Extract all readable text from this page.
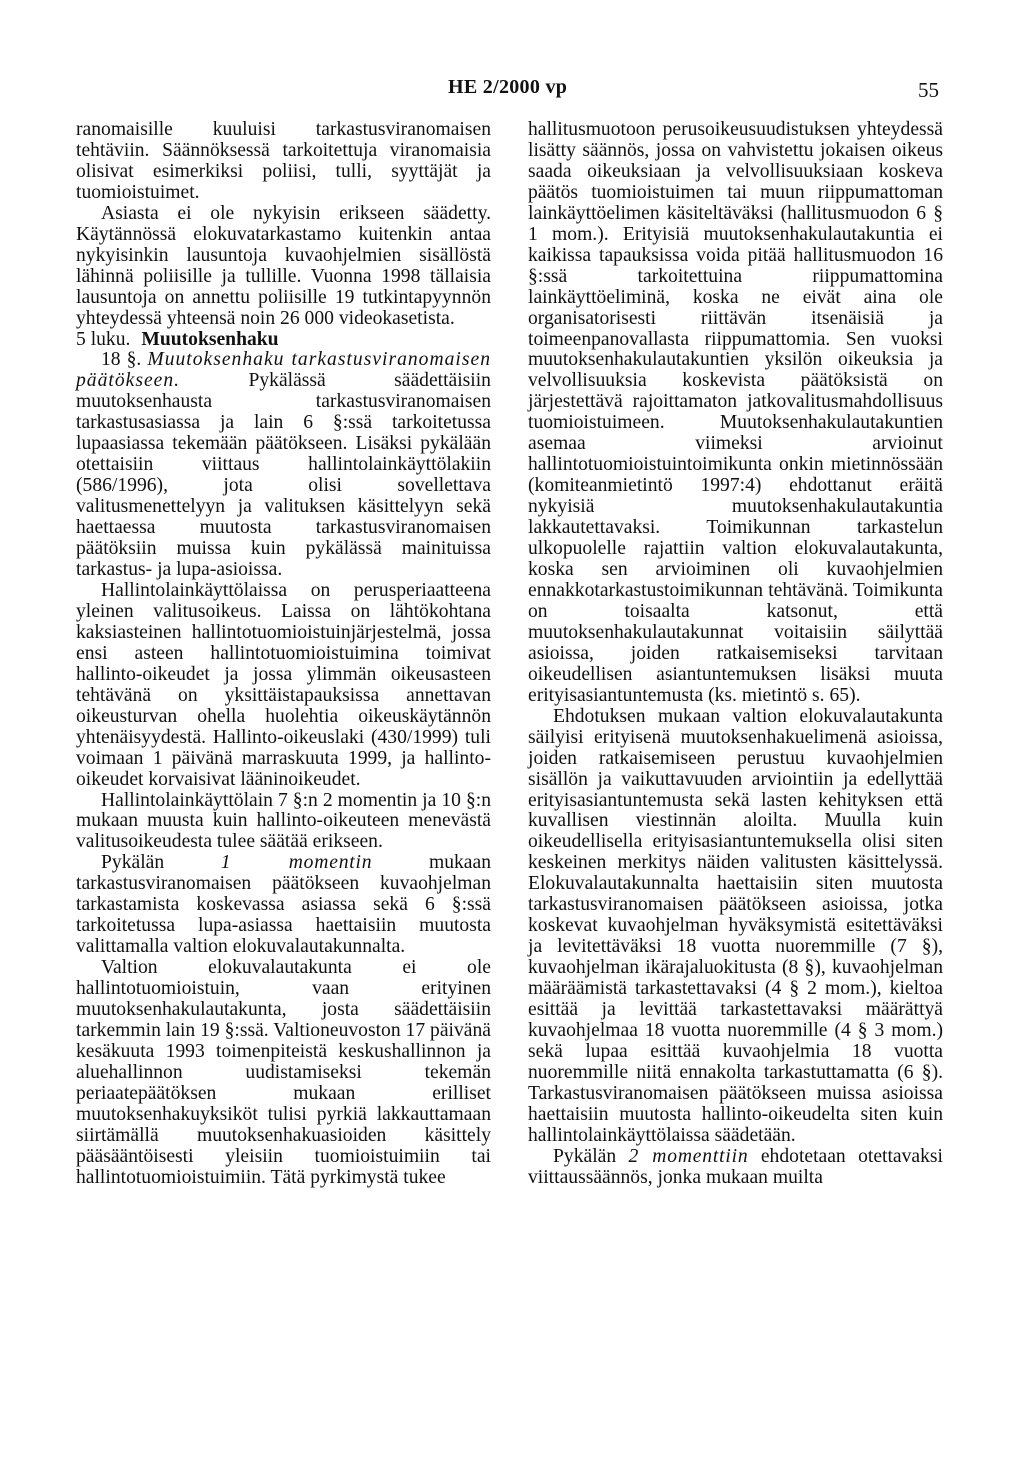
HE 2/2000 vp	55

ranomaisille kuuluisi tarkastusviranomaisen tehtäviin. Säännöksessä tarkoitettuja viranomaisia olisivat esimerkiksi poliisi, tulli, syyttäjät ja tuomioistuimet.

Asiasta ei ole nykyisin erikseen säädetty. Käytännössä elokuvatarkastamo kuitenkin antaa nykyisinkin lausuntoja kuvaohjelmien sisällöstä lähinnä poliisille ja tullille. Vuonna 1998 tällaisia lausuntoja on annettu poliisille 19 tutkintapyynnön yhteydessä yhteensä noin 26 000 videokasetista.

5 luku. Muutoksenhaku

18 §. Muutoksenhaku tarkastusviranomaisen päätökseen.	Pykälässä säädettäisiin muutoksenhausta tarkastusviranomaisen tarkastusasiassa ja lain 6 §:ssä tarkoitetussa lupaasiassa tekemään päätökseen. Lisäksi pykälään otettaisiin viittaus hallintolainkäyttölakiin (586/1996), jota olisi sovellettava valitusmenettelyyn ja valituksen käsittelyyn sekä haettaessa muutosta tarkastusviranomaisen päätöksiin muissa kuin pykälässä mainituissa tarkastus- ja lupa-asioissa.

Hallintolainkäyttölaissa on perusperiaatteena yleinen valitusoikeus. Laissa on lähtökohtana kaksiasteinen hallintotuomioistuinjärjestelmä, jossa ensi asteen hallintotuomioistuimina toimivat hallinto-oikeudet ja jossa ylimmän oikeusasteen tehtävänä on yksittäistapauksissa annettavan oikeusturvan ohella huolehtia oikeuskäytännön yhtenäisyydestä. Hallinto-oikeuslaki (430/1999) tuli voimaan 1 päivänä marraskuuta 1999, ja hallinto-oikeudet korvaisivat lääninoikeudet.

Hallintolainkäyttölain 7 §:n 2 momentin ja 10 §:n mukaan muusta kuin hallinto-oikeuteen menevästä valitusoikeudesta tulee säätää erikseen.

Pykälän	1 momentin	mukaan tarkastusviranomaisen päätökseen kuvaohjelman tarkastamista koskevassa asiassa sekä 6 §:ssä tarkoitetussa lupa-asiassa haettaisiin muutosta valittamalla valtion elokuvalautakunnalta.

Valtion elokuvalautakunta ei ole hallintotuomioistuin, vaan erityinen muutoksenhakulautakunta, josta säädettäisiin tarkemmin lain 19 §:ssä. Valtioneuvoston 17 päivänä kesäkuuta 1993 toimenpiteistä keskushallinnon ja aluehallinnon uudistamiseksi tekemän periaatepäätöksen mukaan erilliset muutoksenhakuyksiköt tulisi pyrkiä lakkauttamaan siirtämällä muutoksenhakuasioiden käsittely pääsääntöisesti yleisiin tuomioistuimiin tai hallintotuomioistuimiin. Tätä pyrkimystä tukee

hallitusmuotoon perusoikeusuudistuksen yhteydessä lisätty säännös, jossa on vahvistettu jokaisen oikeus saada oikeuksiaan ja velvollisuuksiaan koskeva päätös tuomioistuimen tai muun riippumattoman lainkäyttöelimen käsiteltäväksi (hallitusmuodon 6 § 1 mom.). Erityisiä muutoksenhakulautakuntia ei kaikissa tapauksissa voida pitää hallitusmuodon 16 §:ssä tarkoitettuina riippumattomina lainkäyttöeliminä, koska ne eivät aina ole organisatorisesti riittävän itsenäisiä ja toimeenpanovallasta riippumattomia. Sen vuoksi muutoksenhakulautakuntien yksilön oikeuksia ja velvollisuuksia koskevista päätöksistä on järjestettävä rajoittamaton jatkovalitusmahdollisuus tuomioistuimeen. Muutoksenhakulautakuntien asemaa viimeksi arvioinut hallintotuomioistuintoimikunta onkin mietinnössään (komiteanmietintö 1997:4) ehdottanut eräitä nykyisiä muutoksenhakulautakuntia lakkautettavaksi. Toimikunnan tarkastelun ulkopuolelle rajattiin valtion elokuvalautakunta, koska sen arvioiminen oli kuvaohjelmien ennakkotarkastustoimikunnan tehtävänä. Toimikunta on toisaalta katsonut, että muutoksenhakulautakunnat voitaisiin säilyttää asioissa, joiden ratkaisemiseksi tarvitaan oikeudellisen asiantuntemuksen lisäksi muuta erityisasiantuntemusta (ks. mietintö s. 65).

Ehdotuksen mukaan valtion elokuvalautakunta säilyisi erityisenä muutoksenhakuelimenä asioissa, joiden ratkaisemiseen perustuu kuvaohjelmien sisällön ja vaikuttavuuden arviointiin ja edellyttää erityisasiantuntemusta sekä lasten kehityksen että kuvallisen viestinnän aloilta. Muulla kuin oikeudellisella erityisasiantuntemuksella olisi siten keskeinen merkitys näiden valitusten käsittelyssä. Elokuvalautakunnalta haettaisiin siten muutosta tarkastusviranomaisen päätökseen asioissa, jotka koskevat kuvaohjelman hyväksymistä esitettäväksi ja levitettäväksi 18 vuotta nuoremmille (7 §), kuvaohjelman ikärajaluokitusta (8 §), kuvaohjelman määräämistä tarkastettavaksi (4 § 2 mom.), kieltoa esittää ja levittää tarkastettavaksi määrättyä kuvaohjelmaa 18 vuotta nuoremmille (4 § 3 mom.) sekä lupaa esittää kuvaohjelmia 18 vuotta nuoremmille niitä ennakolta tarkastuttamatta (6 §). Tarkastusviranomaisen päätökseen muissa asioissa haettaisiin muutosta hallinto-oikeudelta siten kuin hallintolainkäyttölaissa säädetään.

Pykälän 2 momenttiin ehdotetaan otettavaksi viittaussäännös, jonka mukaan muilta
